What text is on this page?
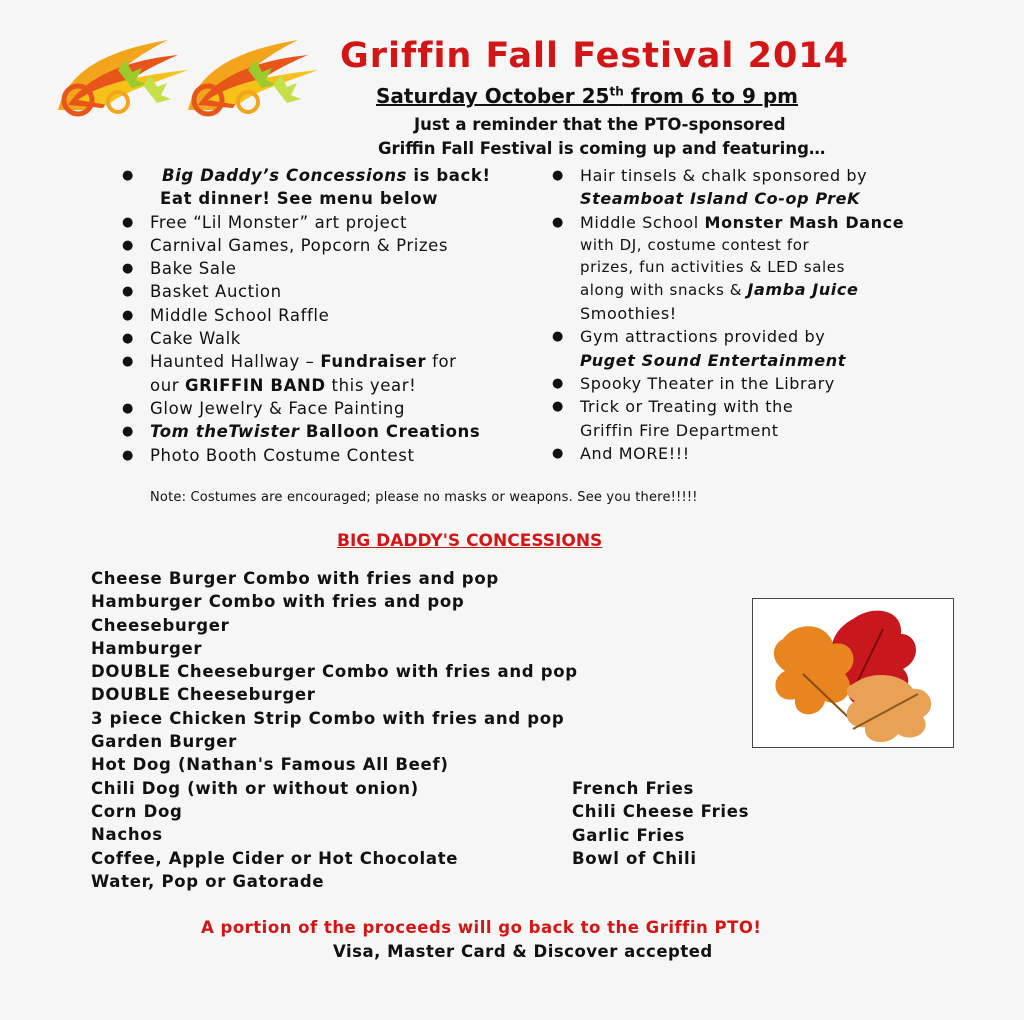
Griffin Fall Festival 2014
Saturday October 25th from 6 to 9 pm
Just a reminder that the PTO-sponsored
Griffin Fall Festival is coming up and featuring…
● Big Daddy’s Concessions is back!
Eat dinner! See menu below
● Free “Lil Monster” art project
● Carnival Games, Popcorn & Prizes
● Bake Sale
● Basket Auction
● Middle School Raffle
● Cake Walk
● Haunted Hallway – Fundraiser for
our GRIFFIN BAND this year!
● Glow Jewelry & Face Painting
● Tom theTwister Balloon Creations
● Photo Booth Costume Contest
● Hair tinsels & chalk sponsored by
Steamboat Island Co-op PreK
● Middle School Monster Mash Dance
with DJ, costume contest for
prizes, fun activities & LED sales
along with snacks & Jamba Juice
Smoothies!
● Gym attractions provided by
Puget Sound Entertainment
● Spooky Theater in the Library
● Trick or Treating with the
Griffin Fire Department
● And MORE!!!
Note: Costumes are encouraged; please no masks or weapons. See you there!!!!!
BIG DADDY'S CONCESSIONS
Cheese Burger Combo with fries and pop
Hamburger Combo with fries and pop
Cheeseburger
Hamburger
DOUBLE Cheeseburger Combo with fries and pop
DOUBLE Cheeseburger
3 piece Chicken Strip Combo with fries and pop
Garden Burger
Hot Dog (Nathan's Famous All Beef)
Chili Dog (with or without onion)
Corn Dog
Nachos
Coffee, Apple Cider or Hot Chocolate
Water, Pop or Gatorade
French Fries
Chili Cheese Fries
Garlic Fries
Bowl of Chili
A portion of the proceeds will go back to the Griffin PTO!
Visa, Master Card & Discover accepted
